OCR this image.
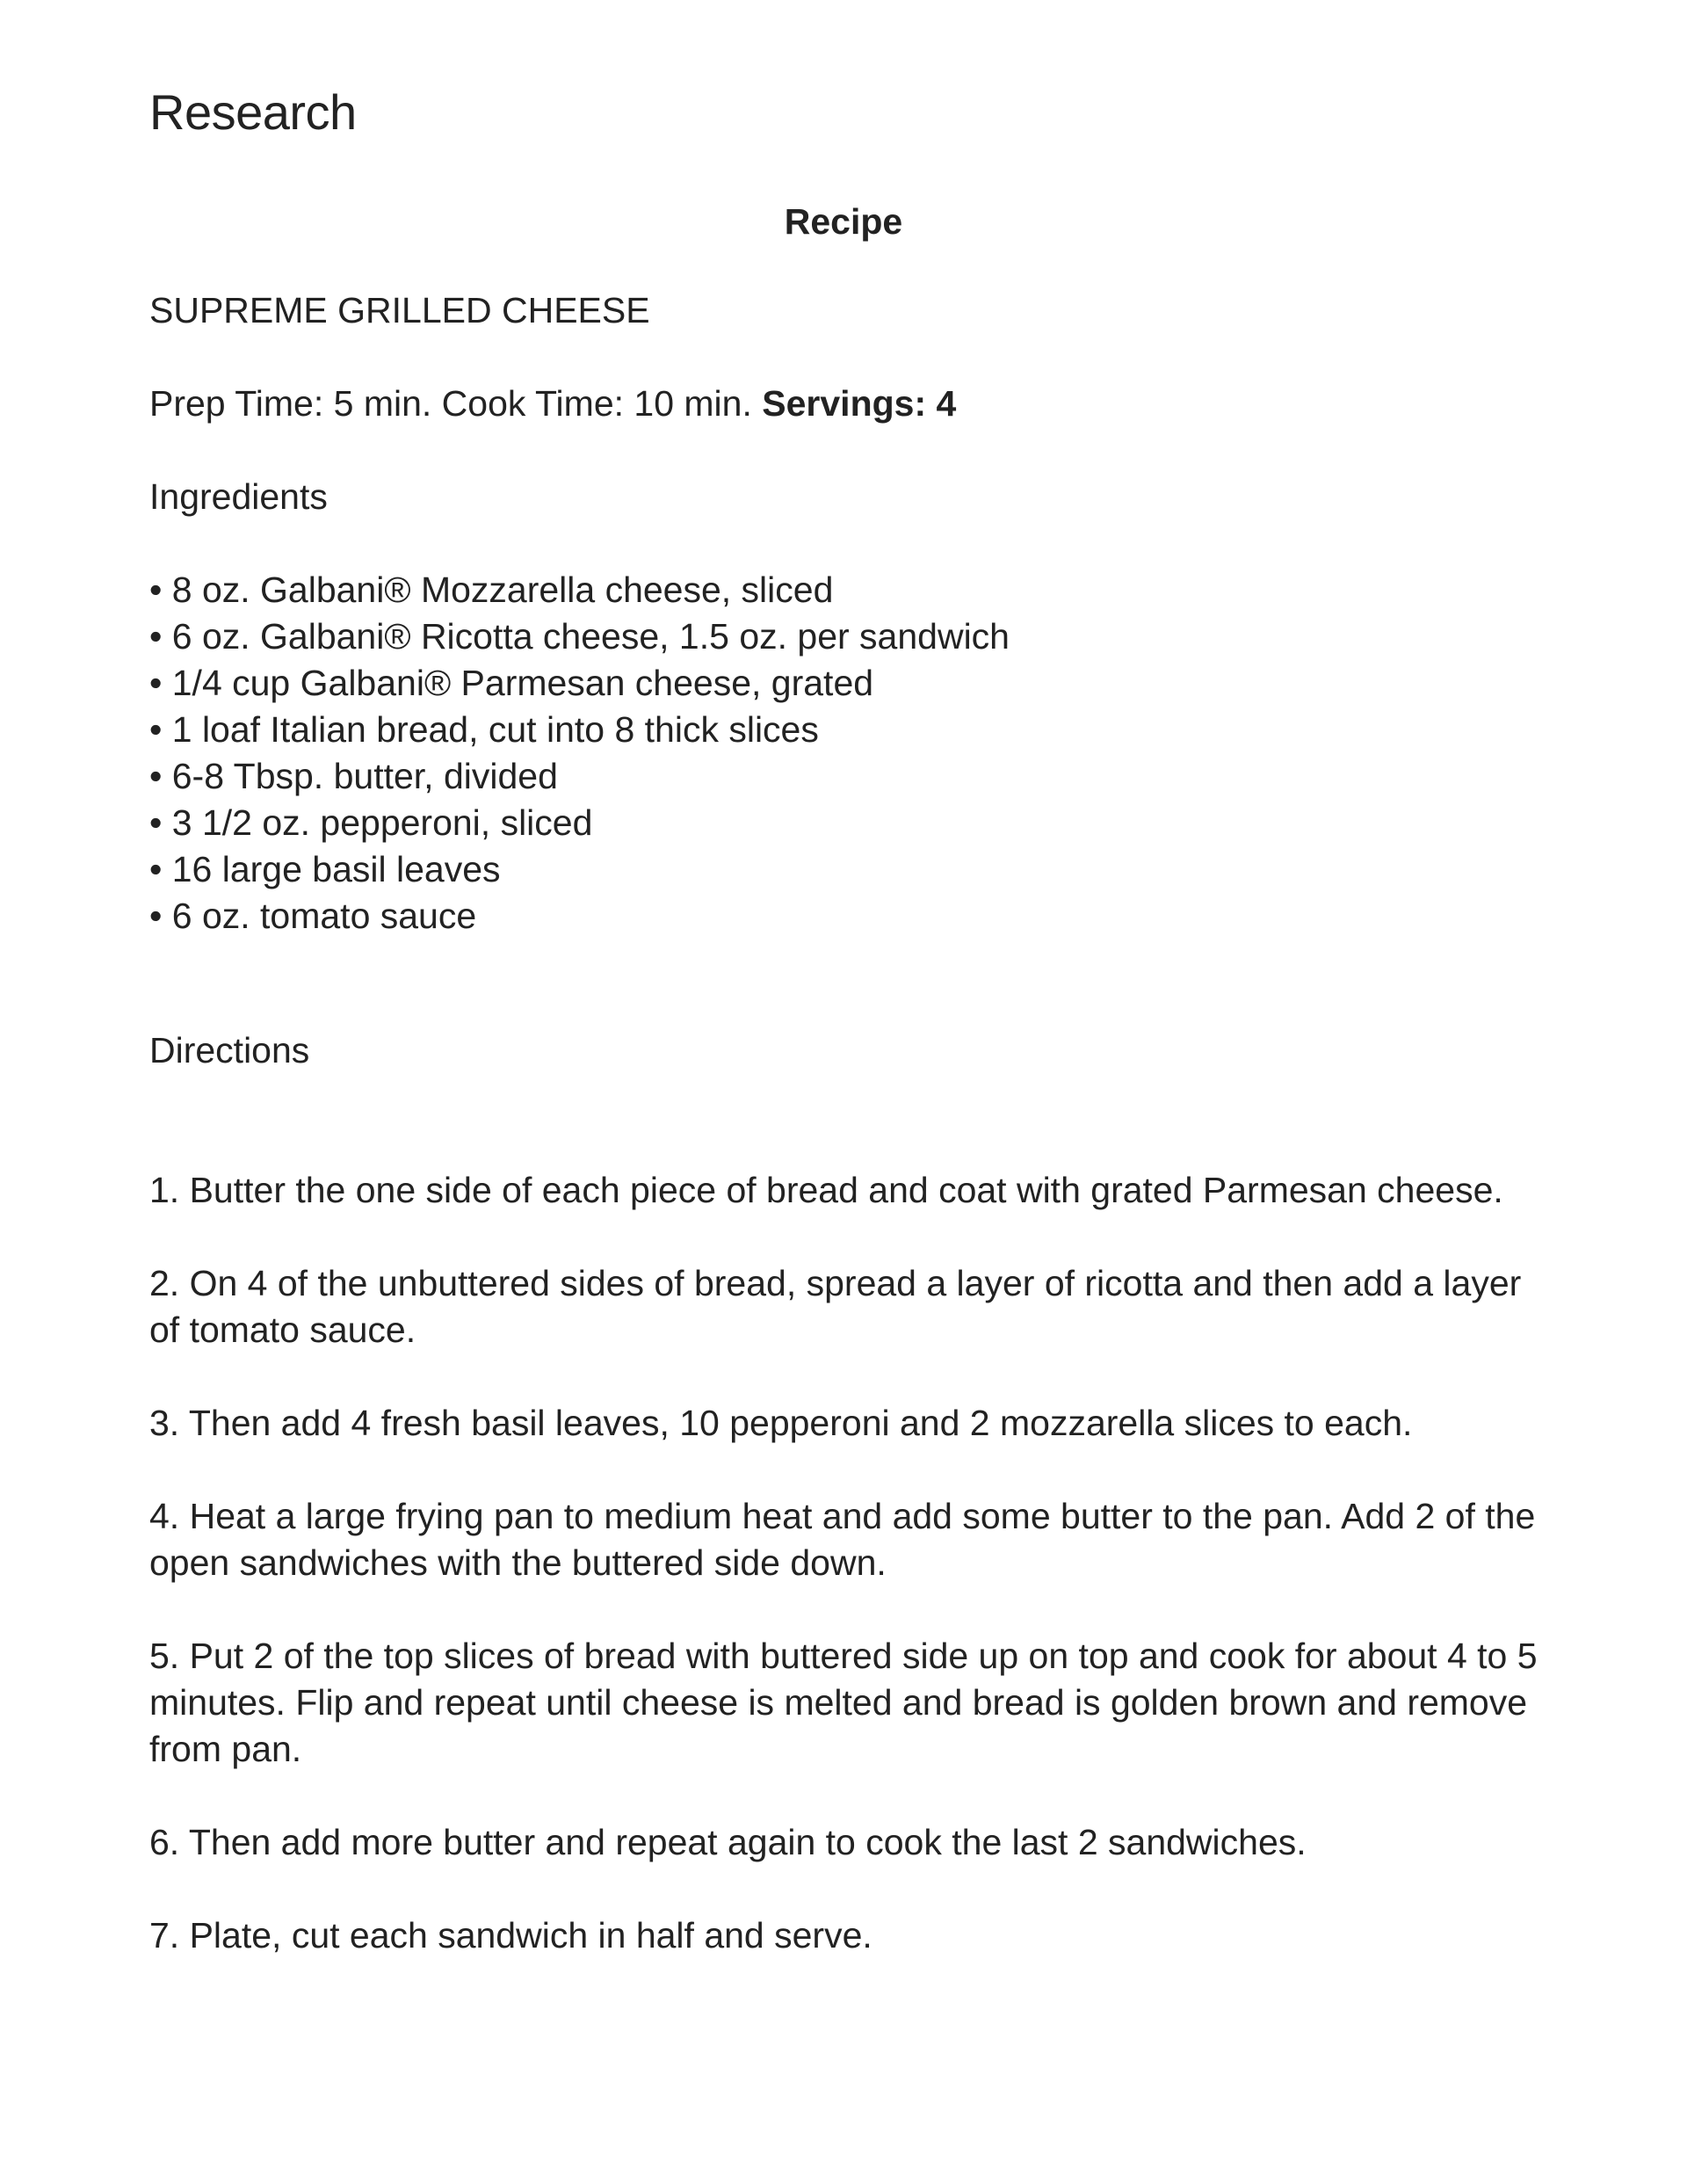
Research
Recipe
SUPREME GRILLED CHEESE
Prep Time: 5 min. Cook Time: 10 min. Servings: 4
Ingredients
• 8 oz. Galbani® Mozzarella cheese, sliced
• 6 oz. Galbani® Ricotta cheese, 1.5 oz. per sandwich
• 1/4 cup Galbani® Parmesan cheese, grated
• 1 loaf Italian bread, cut into 8 thick slices
• 6-8 Tbsp. butter, divided
• 3 1/2 oz. pepperoni, sliced
• 16 large basil leaves
• 6 oz. tomato sauce
Directions
1. Butter the one side of each piece of bread and coat with grated Parmesan cheese.
2. On 4 of the unbuttered sides of bread, spread a layer of ricotta and then add a layer of tomato sauce.
3. Then add 4 fresh basil leaves, 10 pepperoni and 2 mozzarella slices to each.
4. Heat a large frying pan to medium heat and add some butter to the pan. Add 2 of the open sandwiches with the buttered side down.
5. Put 2 of the top slices of bread with buttered side up on top and cook for about 4 to 5 minutes. Flip and repeat until cheese is melted and bread is golden brown and remove from pan.
6. Then add more butter and repeat again to cook the last 2 sandwiches.
7. Plate, cut each sandwich in half and serve.
